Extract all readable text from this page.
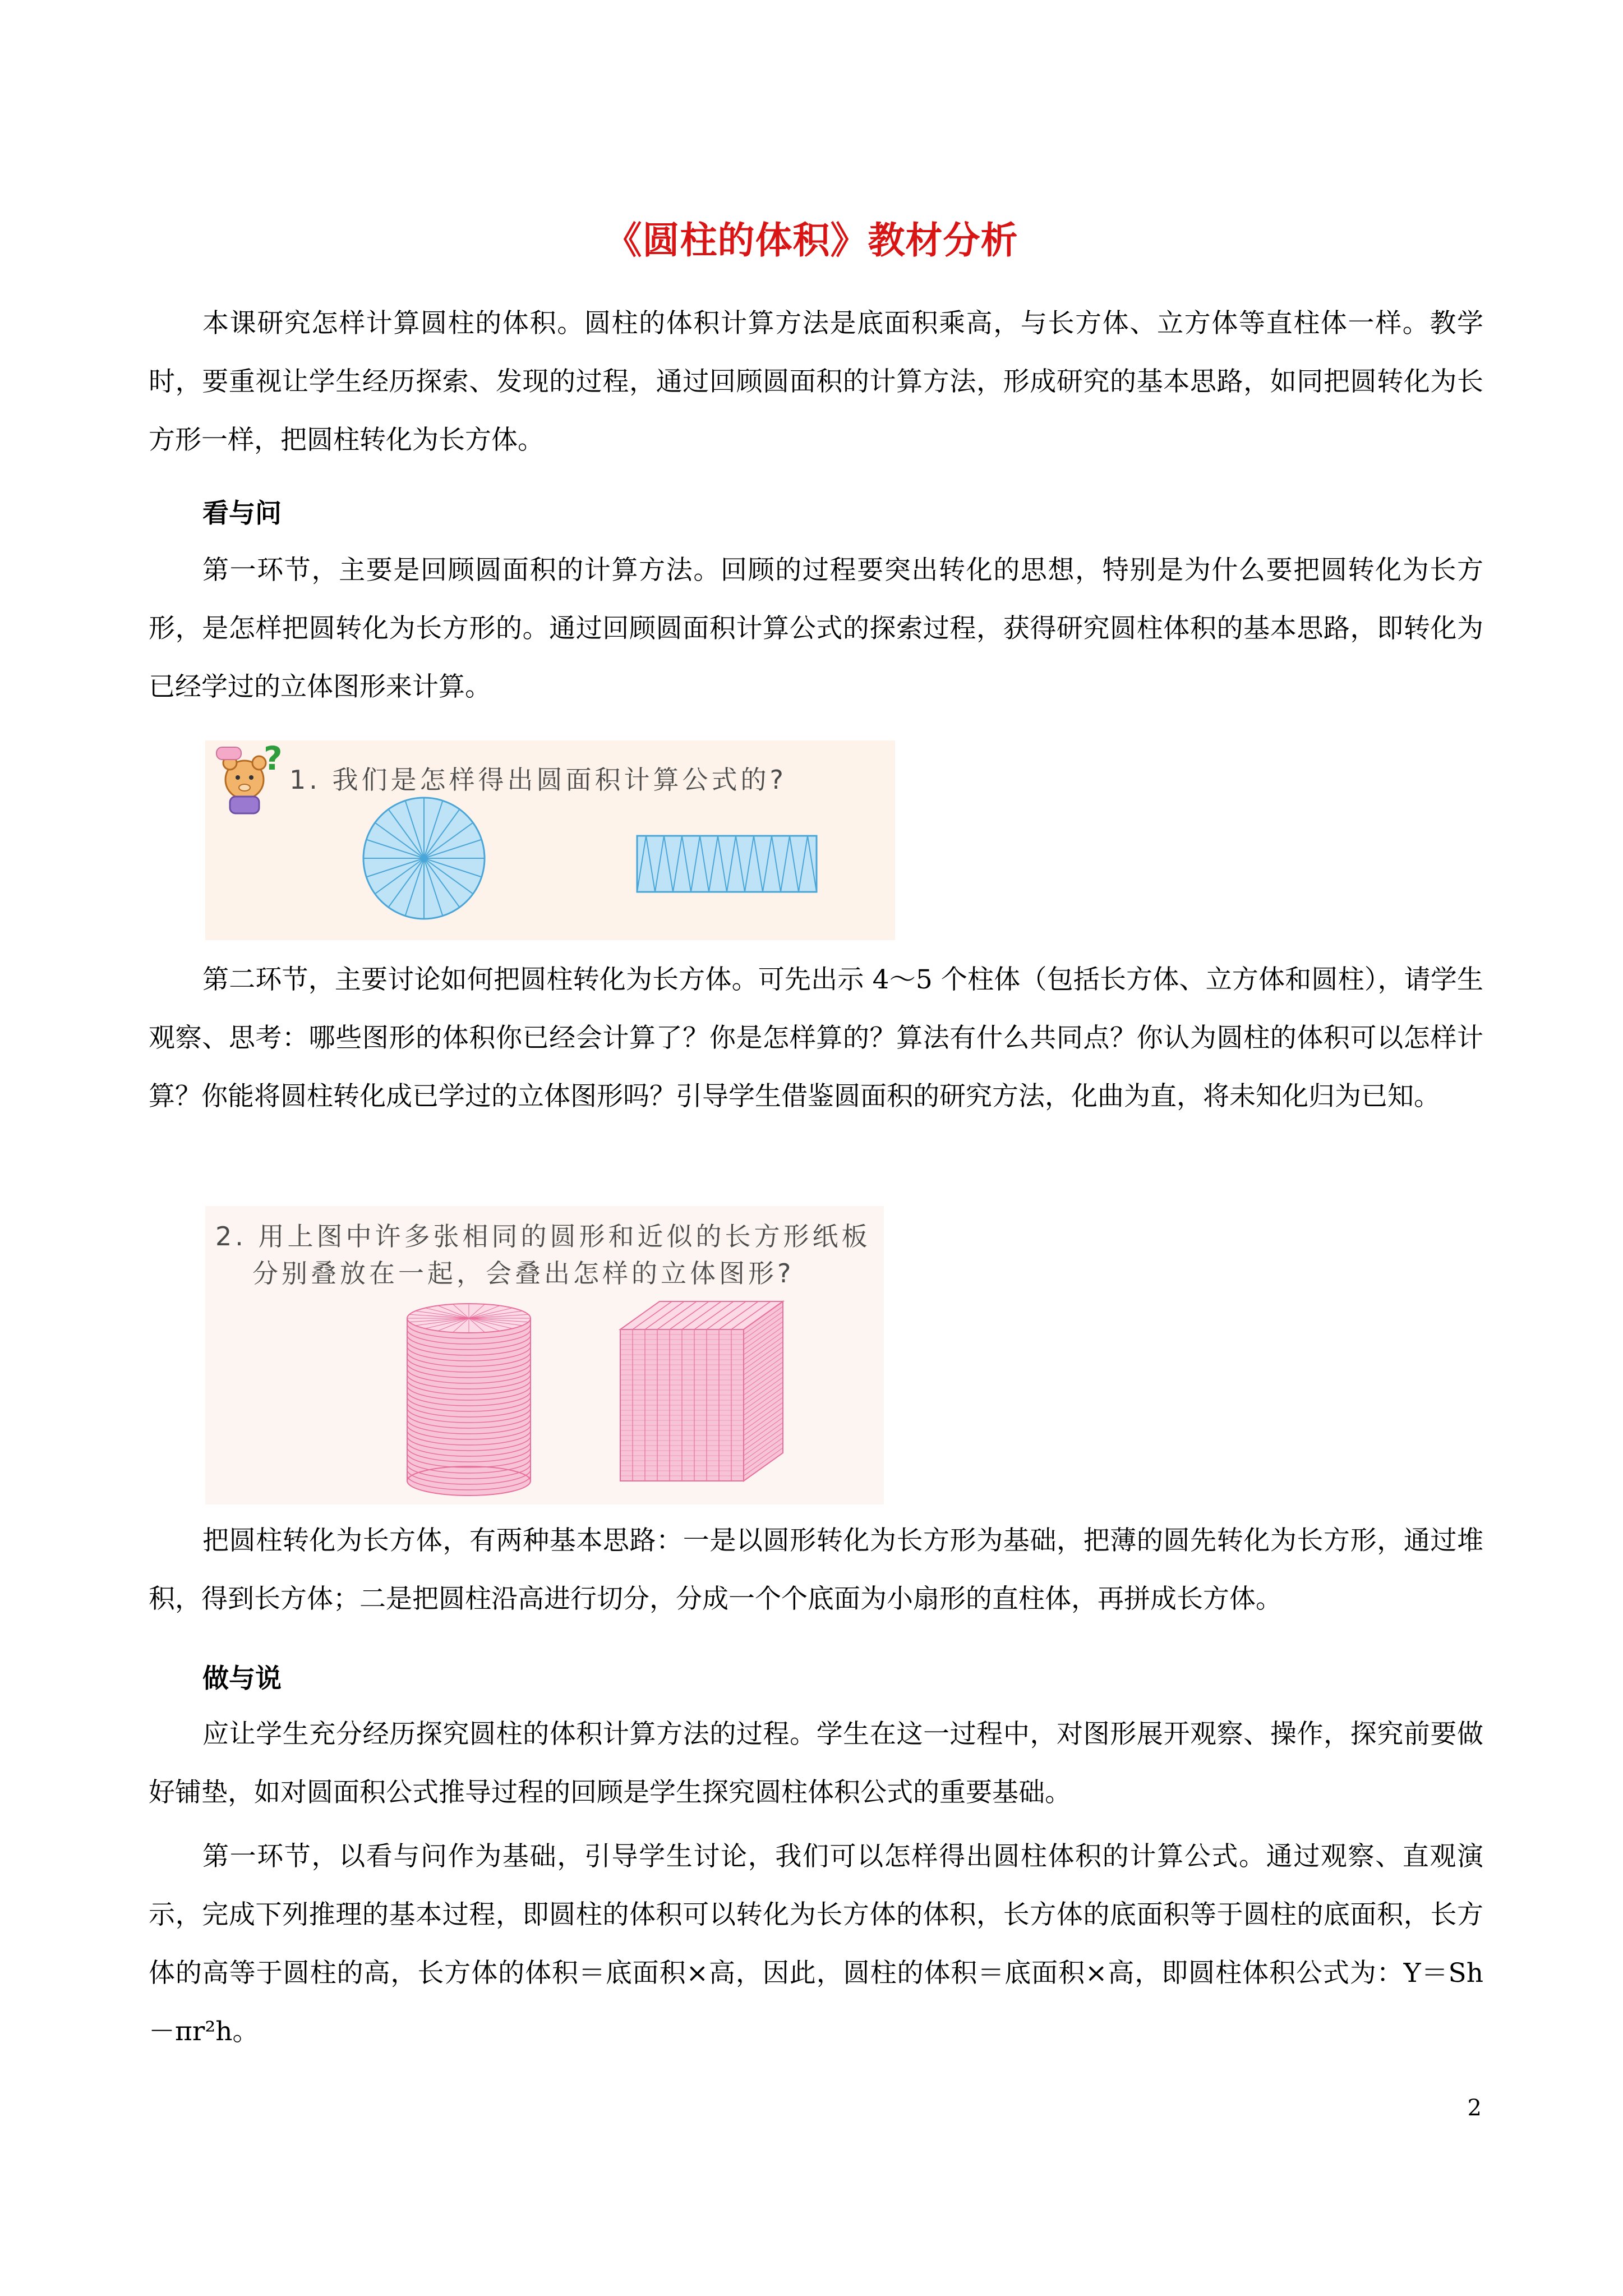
《圆柱的体积》教材分析

本课研究怎样计算圆柱的体积。圆柱的体积计算方法是底面积乘高，与长方体、立方体等直柱体一样。教学时，要重视让学生经历探索、发现的过程，通过回顾圆面积的计算方法，形成研究的基本思路，如同把圆转化为长方形一样，把圆柱转化为长方体。

看与问

第一环节，主要是回顾圆面积的计算方法。回顾的过程要突出转化的思想，特别是为什么要把圆转化为长方形，是怎样把圆转化为长方形的。通过回顾圆面积计算公式的探索过程，获得研究圆柱体积的基本思路，即转化为已经学过的立体图形来计算。

?
1. 我们是怎样得出圆面积计算公式的?

第二环节，主要讨论如何把圆柱转化为长方体。可先出示 4～5 个柱体（包括长方体、立方体和圆柱），请学生观察、思考：哪些图形的体积你已经会计算了？你是怎样算的？算法有什么共同点？你认为圆柱的体积可以怎样计算？你能将圆柱转化成已学过的立体图形吗？引导学生借鉴圆面积的研究方法，化曲为直，将未知化归为已知。

2. 用上图中许多张相同的圆形和近似的长方形纸板
分别叠放在一起，会叠出怎样的立体图形?

把圆柱转化为长方体，有两种基本思路：一是以圆形转化为长方形为基础，把薄的圆先转化为长方形，通过堆积，得到长方体；二是把圆柱沿高进行切分，分成一个个底面为小扇形的直柱体，再拼成长方体。

做与说

应让学生充分经历探究圆柱的体积计算方法的过程。学生在这一过程中，对图形展开观察、操作，探究前要做好铺垫，如对圆面积公式推导过程的回顾是学生探究圆柱体积公式的重要基础。

第一环节，以看与问作为基础，引导学生讨论，我们可以怎样得出圆柱体积的计算公式。通过观察、直观演示，完成下列推理的基本过程，即圆柱的体积可以转化为长方体的体积，长方体的底面积等于圆柱的底面积，长方体的高等于圆柱的高，长方体的体积＝底面积×高，因此，圆柱的体积＝底面积×高，即圆柱体积公式为：Y＝Sh－πr²h。

2
